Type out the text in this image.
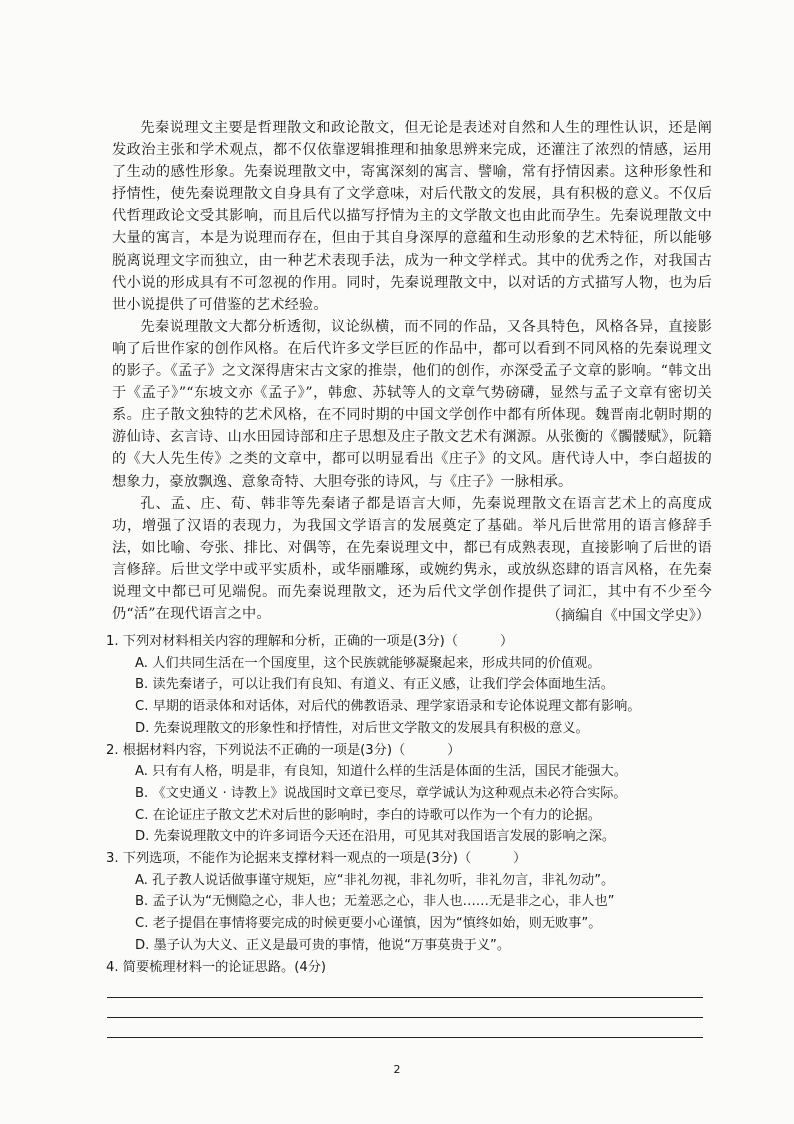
先秦说理文主要是哲理散文和政论散文，但无论是表述对自然和人生的理性认识，还是阐发政治主张和学术观点，都不仅依靠逻辑推理和抽象思辨来完成，还灌注了浓烈的情感，运用了生动的感性形象。先秦说理散文中，寄寓深刻的寓言、譬喻，常有抒情因素。这种形象性和抒情性，使先秦说理散文自身具有了文学意味，对后代散文的发展，具有积极的意义。不仅后代哲理政论文受其影响，而且后代以描写抒情为主的文学散文也由此而孕生。先秦说理散文中大量的寓言，本是为说理而存在，但由于其自身深厚的意蕴和生动形象的艺术特征，所以能够脱离说理文字而独立，由一种艺术表现手法，成为一种文学样式。其中的优秀之作，对我国古代小说的形成具有不可忽视的作用。同时，先秦说理散文中，以对话的方式描写人物，也为后世小说提供了可借鉴的艺术经验。

先秦说理散文大都分析透彻，议论纵横，而不同的作品，又各具特色，风格各异，直接影响了后世作家的创作风格。在后代许多文学巨匠的作品中，都可以看到不同风格的先秦说理文的影子。《孟子》之文深得唐宋古文家的推崇，他们的创作，亦深受孟子文章的影响。“韩文出于《孟子》”“东坡文亦《孟子》”，韩愈、苏轼等人的文章气势磅礴，显然与孟子文章有密切关系。庄子散文独特的艺术风格，在不同时期的中国文学创作中都有所体现。魏晋南北朝时期的游仙诗、玄言诗、山水田园诗部和庄子思想及庄子散文艺术有渊源。从张衡的《髑髅赋》，阮籍的《大人先生传》之类的文章中，都可以明显看出《庄子》的文风。唐代诗人中，李白超拔的想象力，豪放飘逸、意象奇特、大胆夸张的诗风，与《庄子》一脉相承。

孔、孟、庄、荀、韩非等先秦诸子都是语言大师，先秦说理散文在语言艺术上的高度成功，增强了汉语的表现力，为我国文学语言的发展奠定了基础。举凡后世常用的语言修辞手法，如比喻、夸张、排比、对偶等，在先秦说理文中，都已有成熟表现，直接影响了后世的语言修辞。后世文学中或平实质朴，或华丽雕琢，或婉约隽永，或放纵恣肆的语言风格，在先秦说理文中都已可见端倪。而先秦说理散文，还为后代文学创作提供了词汇，其中有不少至今仍“活”在现代语言之中。	（摘编自《中国文学史》）

1. 下列对材料相关内容的理解和分析，正确的一项是(3分)（	）

A. 人们共同生活在一个国度里，这个民族就能够凝聚起来，形成共同的价值观。

B. 读先秦诸子，可以让我们有良知、有道义、有正义感，让我们学会体面地生活。

C. 早期的语录体和对话体，对后代的佛教语录、理学家语录和专论体说理文都有影响。

D. 先秦说理散文的形象性和抒情性，对后世文学散文的发展具有积极的意义。

2. 根据材料内容，下列说法不正确的一项是(3分)（	）

A. 只有有人格，明是非，有良知，知道什么样的生活是体面的生活，国民才能强大。

B. 《文史通义 · 诗教上》说战国时文章已变尽，章学诚认为这种观点未必符合实际。

C. 在论证庄子散文艺术对后世的影响时，李白的诗歌可以作为一个有力的论据。

D. 先秦说理散文中的许多词语今天还在沿用，可见其对我国语言发展的影响之深。

3. 下列选项，不能作为论据来支撑材料一观点的一项是(3分)（	）

A. 孔子教人说话做事谨守规矩，应“非礼勿视，非礼勿听，非礼勿言，非礼勿动”。

B. 孟子认为“无恻隐之心，非人也；无羞恶之心，非人也……无是非之心，非人也”

C. 老子提倡在事情将要完成的时候更要小心谨慎，因为“慎终如始，则无败事”。

D. 墨子认为大义、正义是最可贵的事情，他说“万事莫贵于义”。

4. 简要梳理材料一的论证思路。(4分)

2
